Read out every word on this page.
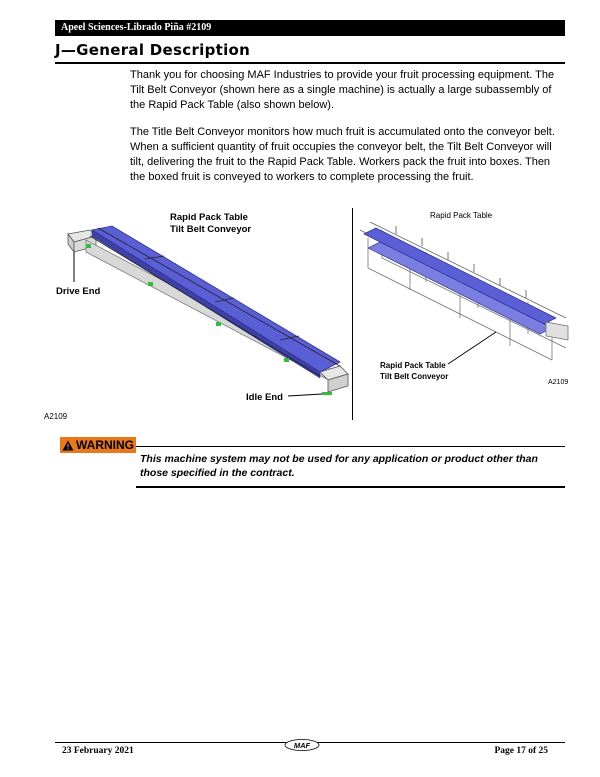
Apeel Sciences-Librado Piña #2109
J—General Description
Thank you for choosing MAF Industries to provide your fruit processing equipment. The Tilt Belt Conveyor (shown here as a single machine) is actually a large subassembly of the Rapid Pack Table (also shown below).
The Title Belt Conveyor monitors how much fruit is accumulated onto the conveyor belt. When a sufficient quantity of fruit occupies the conveyor belt, the Tilt Belt Conveyor will tilt, delivering the fruit to the Rapid Pack Table. Workers pack the fruit into boxes. Then the boxed fruit is conveyed to workers to complete processing the fruit.
Rapid Pack Table
Tilt Belt Conveyor
Drive End
Idle End
A2109
Rapid Pack Table
Rapid Pack Table
Tilt Belt Conveyor
A2109
WARNING
This machine system may not be used for any application or product other than those specified in the contract.
23 February 2021
MAF
Page 17 of 25
